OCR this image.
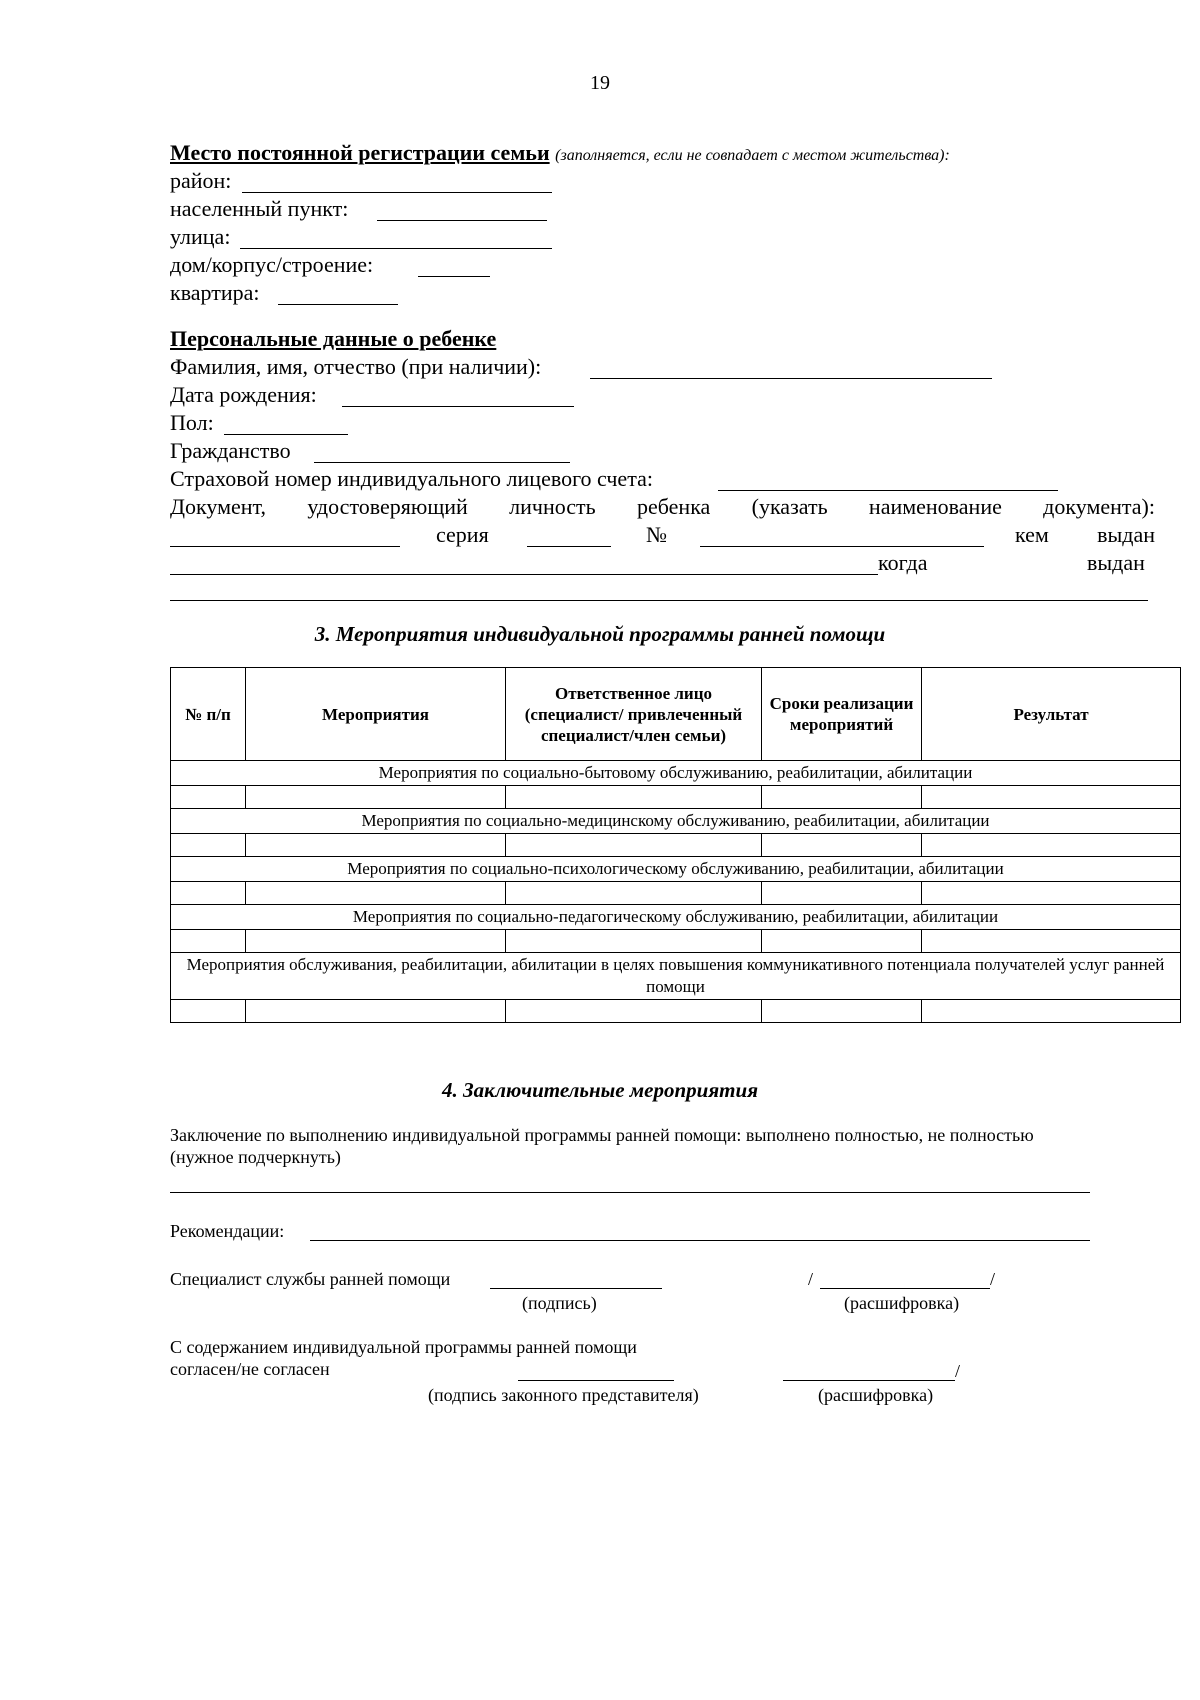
19
Место постоянной регистрации семьи (заполняется, если не совпадает с местом жительства):
район:
населенный пункт:
улица:
дом/корпус/строение:
квартира:
Персональные данные о ребенке
Фамилия, имя, отчество (при наличии):
Дата рождения:
Пол:
Гражданство
Страховой номер индивидуального лицевого счета:
Документ, удостоверяющий личность ребенка (указать наименование документа):
серия	№	кем выдан
когда	выдан
3. Мероприятия индивидуальной программы ранней помощи
№ п/п	Мероприятия	Ответственное лицо (специалист/ привлеченный специалист/член семьи)	Сроки реализации мероприятий	Результат
Мероприятия по социально-бытовому обслуживанию, реабилитации, абилитации				

Мероприятия по социально-медицинскому обслуживанию, реабилитации, абилитации				

Мероприятия по социально-психологическому обслуживанию, реабилитации, абилитации				

Мероприятия по социально-педагогическому обслуживанию, реабилитации, абилитации				

Мероприятия обслуживания, реабилитации, абилитации в целях повышения коммуникативного потенциала получателей услуг ранней помощи				

4. Заключительные мероприятия
Заключение по выполнению индивидуальной программы ранней помощи: выполнено полностью, не полностью
(нужное подчеркнуть)
Рекомендации:
Специалист службы ранней помощи	/	/
(подпись)	(расшифровка)
С содержанием индивидуальной программы ранней помощи
согласен/не согласен	/
(подпись законного представителя)	(расшифровка)
